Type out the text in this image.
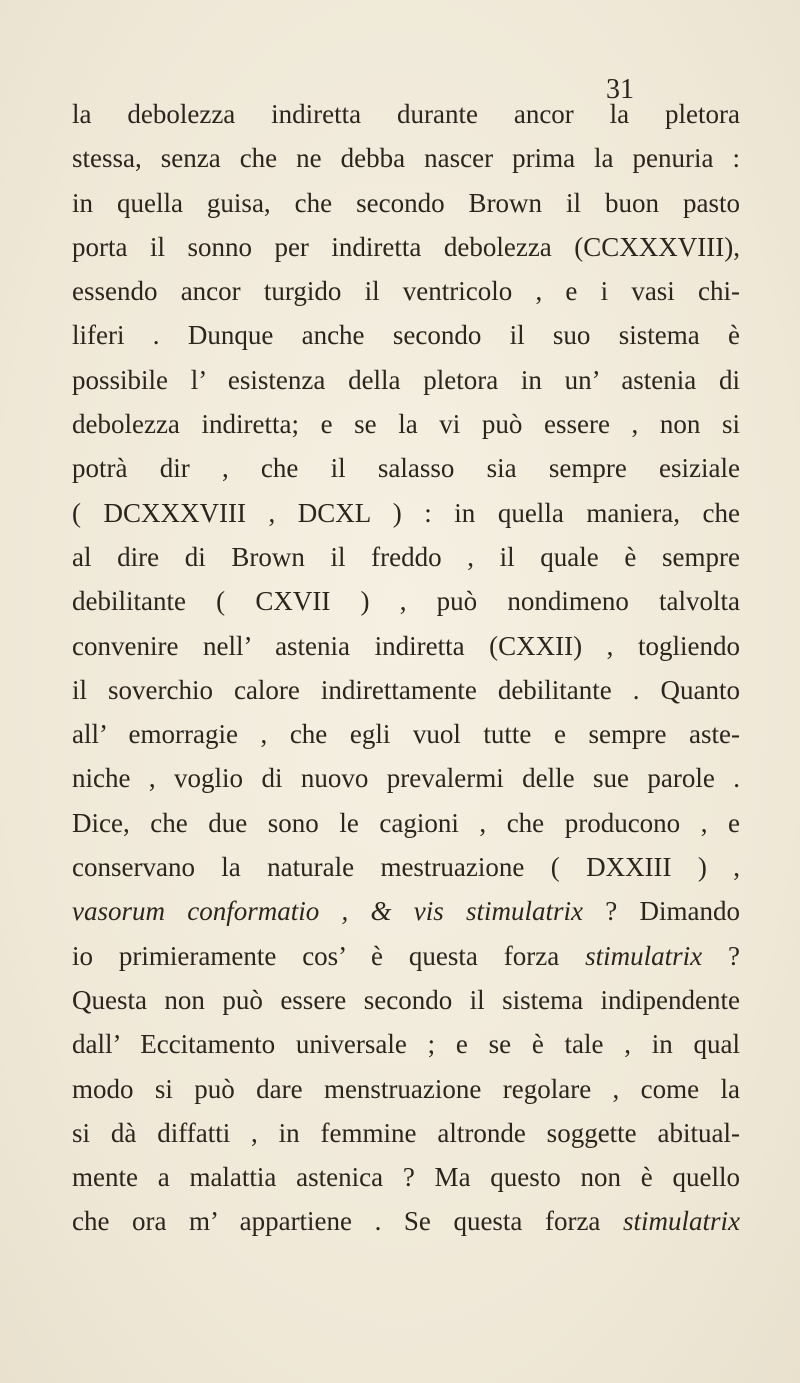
31
la debolezza indiretta durante ancor la pletora
stessa, senza che ne debba nascer prima la penuria :
in quella guisa, che secondo Brown il buon pasto
porta il sonno per indiretta debolezza (CCXXXVIII),
essendo ancor turgido il ventricolo , e i vasi chi-
liferi . Dunque anche secondo il suo sistema è
possibile l’ esistenza della pletora in un’ astenia di
debolezza indiretta; e se la vi può essere , non si
potrà dir , che il salasso sia sempre esiziale
( DCXXXVIII , DCXL ) : in quella maniera, che
al dire di Brown il freddo , il quale è sempre
debilitante ( CXVII ) , può nondimeno talvolta
convenire nell’ astenia indiretta (CXXII) , togliendo
il soverchio calore indirettamente debilitante . Quanto
all’ emorragie , che egli vuol tutte e sempre aste-
niche , voglio di nuovo prevalermi delle sue parole .
Dice, che due sono le cagioni , che producono , e
conservano la naturale mestruazione ( DXXIII ) ,
vasorum conformatio , & vis stimulatrix ? Dimando
io primieramente cos’ è questa forza stimulatrix ?
Questa non può essere secondo il sistema indipendente
dall’ Eccitamento universale ; e se è tale , in qual
modo si può dare menstruazione regolare , come la
si dà diffatti , in femmine altronde soggette abitual-
mente a malattia astenica ? Ma questo non è quello
che ora m’ appartiene . Se questa forza stimulatrix
